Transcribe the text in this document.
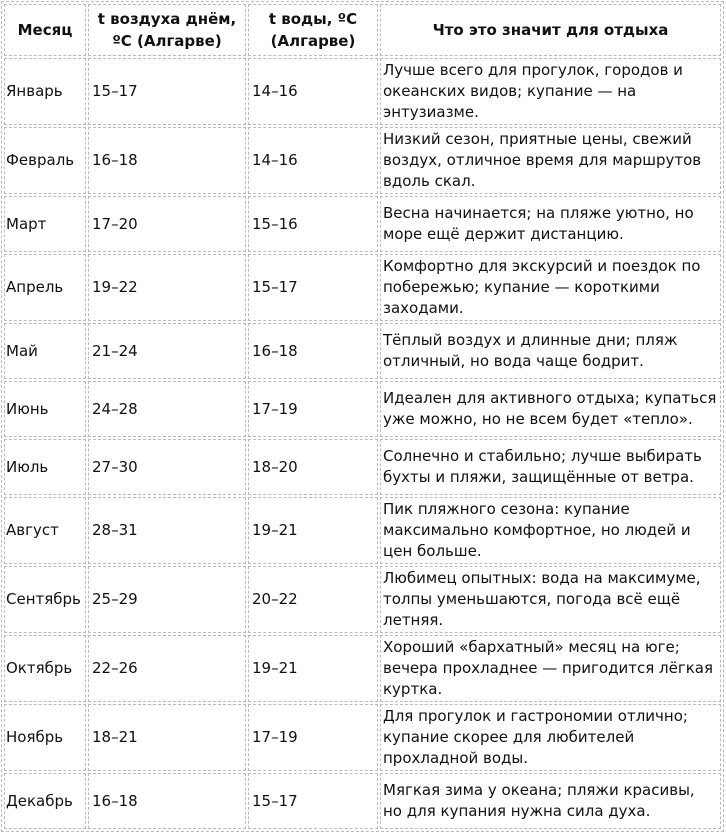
Месяц	t воздуха днём, ºC (Алгарве)	t воды, ºC (Алгарве)	Что это значит для отдыха
Январь	15–17	14–16	Лучше всего для прогулок, городов и океанских видов; купание — на энтузиазме.
Февраль	16–18	14–16	Низкий сезон, приятные цены, свежий воздух, отличное время для маршрутов вдоль скал.
Март	17–20	15–16	Весна начинается; на пляже уютно, но море ещё держит дистанцию.
Апрель	19–22	15–17	Комфортно для экскурсий и поездок по побережью; купание — короткими заходами.
Май	21–24	16–18	Тёплый воздух и длинные дни; пляж отличный, но вода чаще бодрит.
Июнь	24–28	17–19	Идеален для активного отдыха; купаться уже можно, но не всем будет «тепло».
Июль	27–30	18–20	Солнечно и стабильно; лучше выбирать бухты и пляжи, защищённые от ветра.
Август	28–31	19–21	Пик пляжного сезона: купание максимально комфортное, но людей и цен больше.
Сентябрь	25–29	20–22	Любимец опытных: вода на максимуме, толпы уменьшаются, погода всё ещё летняя.
Октябрь	22–26	19–21	Хороший «бархатный» месяц на юге; вечера прохладнее — пригодится лёгкая куртка.
Ноябрь	18–21	17–19	Для прогулок и гастрономии отлично; купание скорее для любителей прохладной воды.
Декабрь	16–18	15–17	Мягкая зима у океана; пляжи красивы, но для купания нужна сила духа.
